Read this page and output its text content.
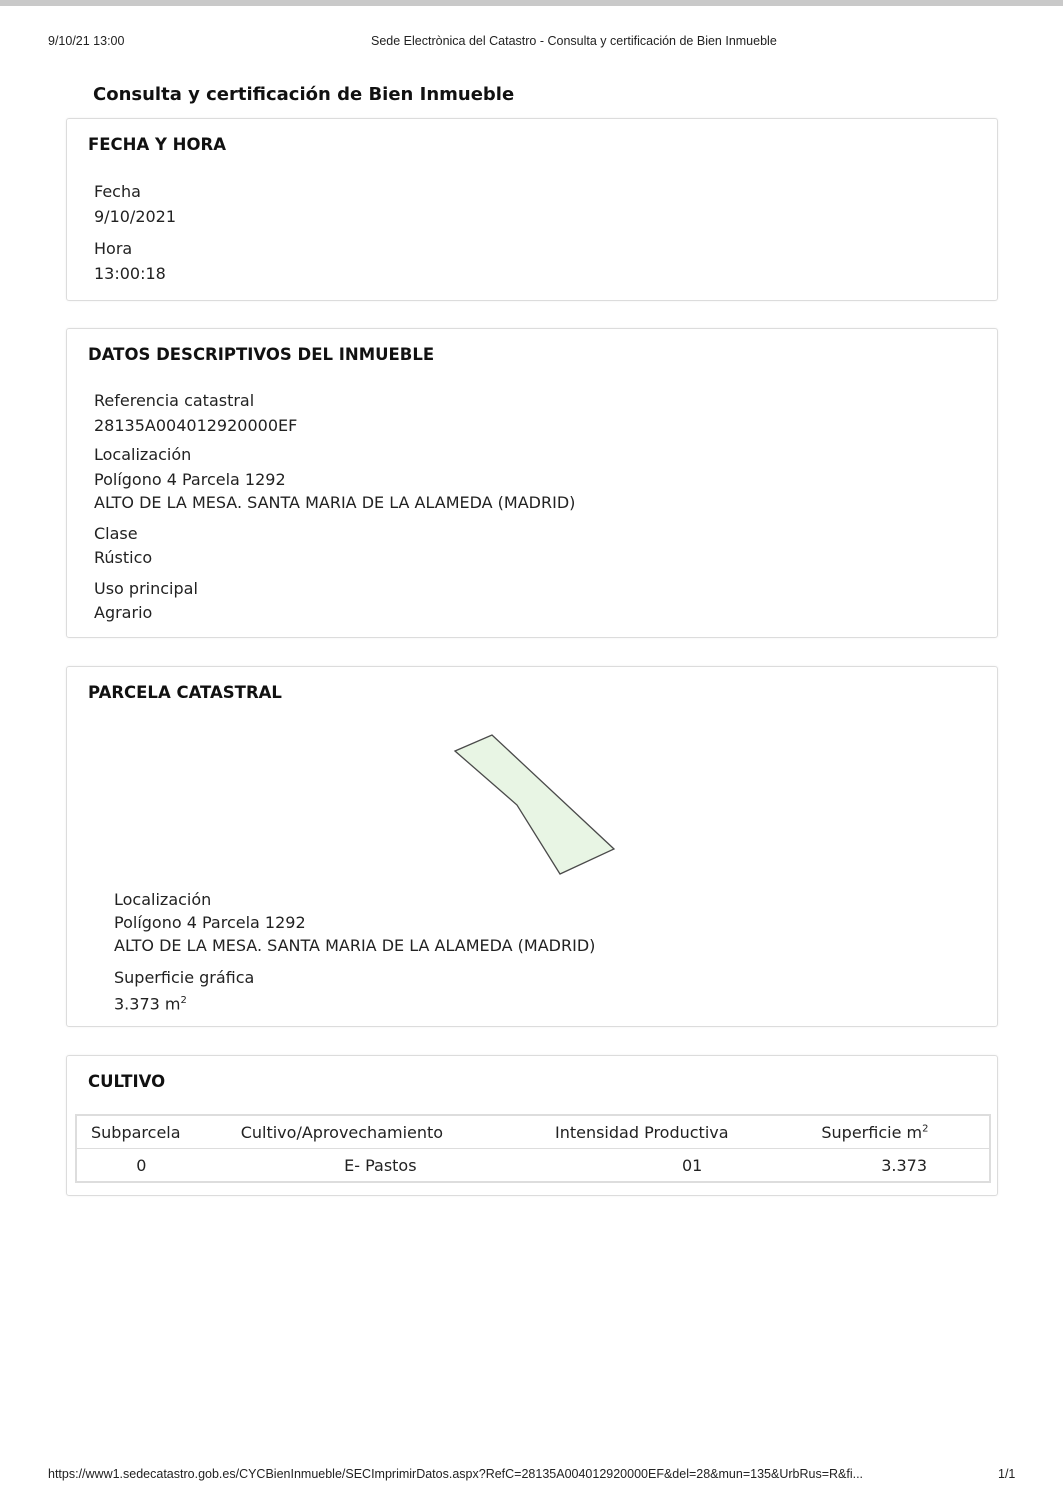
9/10/21 13:00	Sede Electrònica del Catastro - Consulta y certificación de Bien Inmueble
Consulta y certificación de Bien Inmueble
FECHA Y HORA
Fecha
9/10/2021
Hora
13:00:18
DATOS DESCRIPTIVOS DEL INMUEBLE
Referencia catastral
28135A004012920000EF
Localización
Polígono 4 Parcela 1292
ALTO DE LA MESA. SANTA MARIA DE LA ALAMEDA (MADRID)
Clase
Rústico
Uso principal
Agrario
PARCELA CATASTRAL
Localización
Polígono 4 Parcela 1292
ALTO DE LA MESA. SANTA MARIA DE LA ALAMEDA (MADRID)
Superficie gráfica
3.373 $m^2$
CULTIVO
Subparcela	Cultivo/Aprovechamiento	Intensidad Productiva	Superficie $m^2$
0	E- Pastos	01	3.373
https://www1.sedecatastro.gob.es/CYCBienInmueble/SECImprimirDatos.aspx?RefC=28135A004012920000EF&del=28&mun=135&UrbRus=R&fi...	1/1
